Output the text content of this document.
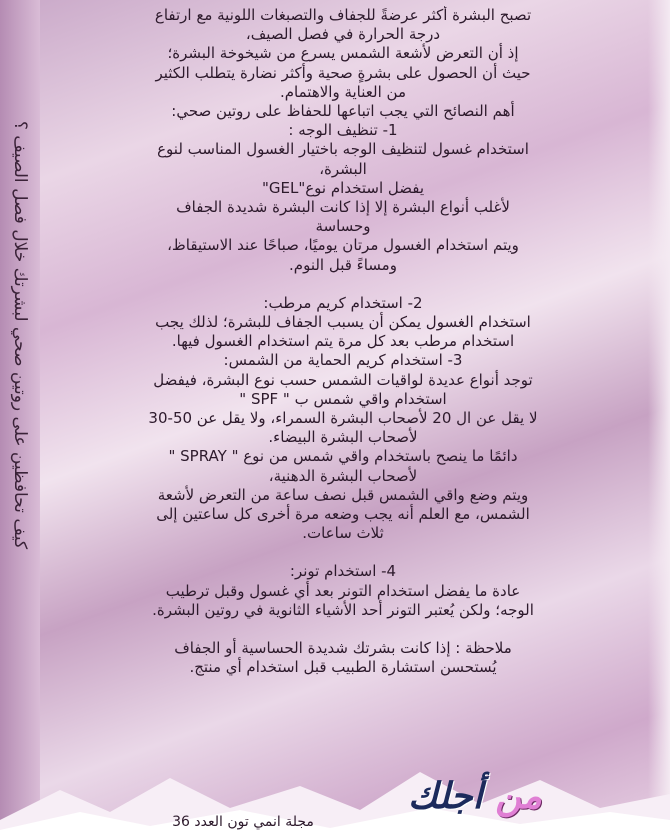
كيف تحافظين على روتين صحي لبشرتك خلال فصل الصيف ؟

تصبح البشرة أكثر عرضةً للجفاف والتصبغات اللونية مع ارتفاع

درجة الحرارة في فصل الصيف،

إذ أن التعرض لأشعة الشمس يسرع من شيخوخة البشرة؛

حيث أن الحصول على بشرةٍ صحية وأكثر نضارة يتطلب الكثير

من العناية والاهتمام.

أهم النصائح التي يجب اتباعها للحفاظ على روتين صحي:

1- تنظيف الوجه :

استخدام غسول لتنظيف الوجه باختيار الغسول المناسب لنوع

البشرة،

يفضل استخدام نوع"GEL"

لأغلب أنواع البشرة إلا إذا كانت البشرة شديدة الجفاف

وحساسة

ويتم استخدام الغسول مرتان يوميًا، صباحًا عند الاستيقاظ،

ومساءً قبل النوم.

2- استخدام كريم مرطب:

استخدام الغسول يمكن أن يسبب الجفاف للبشرة؛ لذلك يجب

استخدام مرطب بعد كل مرة يتم استخدام الغسول فيها.

3- استخدام كريم الحماية من الشمس:

توجد أنواع عديدة لواقيات الشمس حسب نوع البشرة، فيفضل

استخدام واقي شمس ب " SPF "

لا يقل عن ال 20 لأصحاب البشرة السمراء، ولا يقل عن 50-30

لأصحاب البشرة البيضاء.

دائمًا ما ينصح باستخدام واقي شمس من نوع " SPRAY "

لأصحاب البشرة الدهنية،

ويتم وضع واقي الشمس قبل نصف ساعة من التعرض لأشعة

الشمس، مع العلم أنه يجب وضعه مرة أخرى كل ساعتين إلى

ثلاث ساعات.

4- استخدام تونر:

عادة ما يفضل استخدام التونر بعد أي غسول وقبل ترطيب

الوجه؛ ولكن يُعتبر التونر أحد الأشياء الثانوية في روتين البشرة.

ملاحظة : إذا كانت بشرتك شديدة الحساسية أو الجفاف

يُستحسن استشارة الطبيب قبل استخدام أي منتج.

من أجلك
مجلة انمي تون العدد 36
